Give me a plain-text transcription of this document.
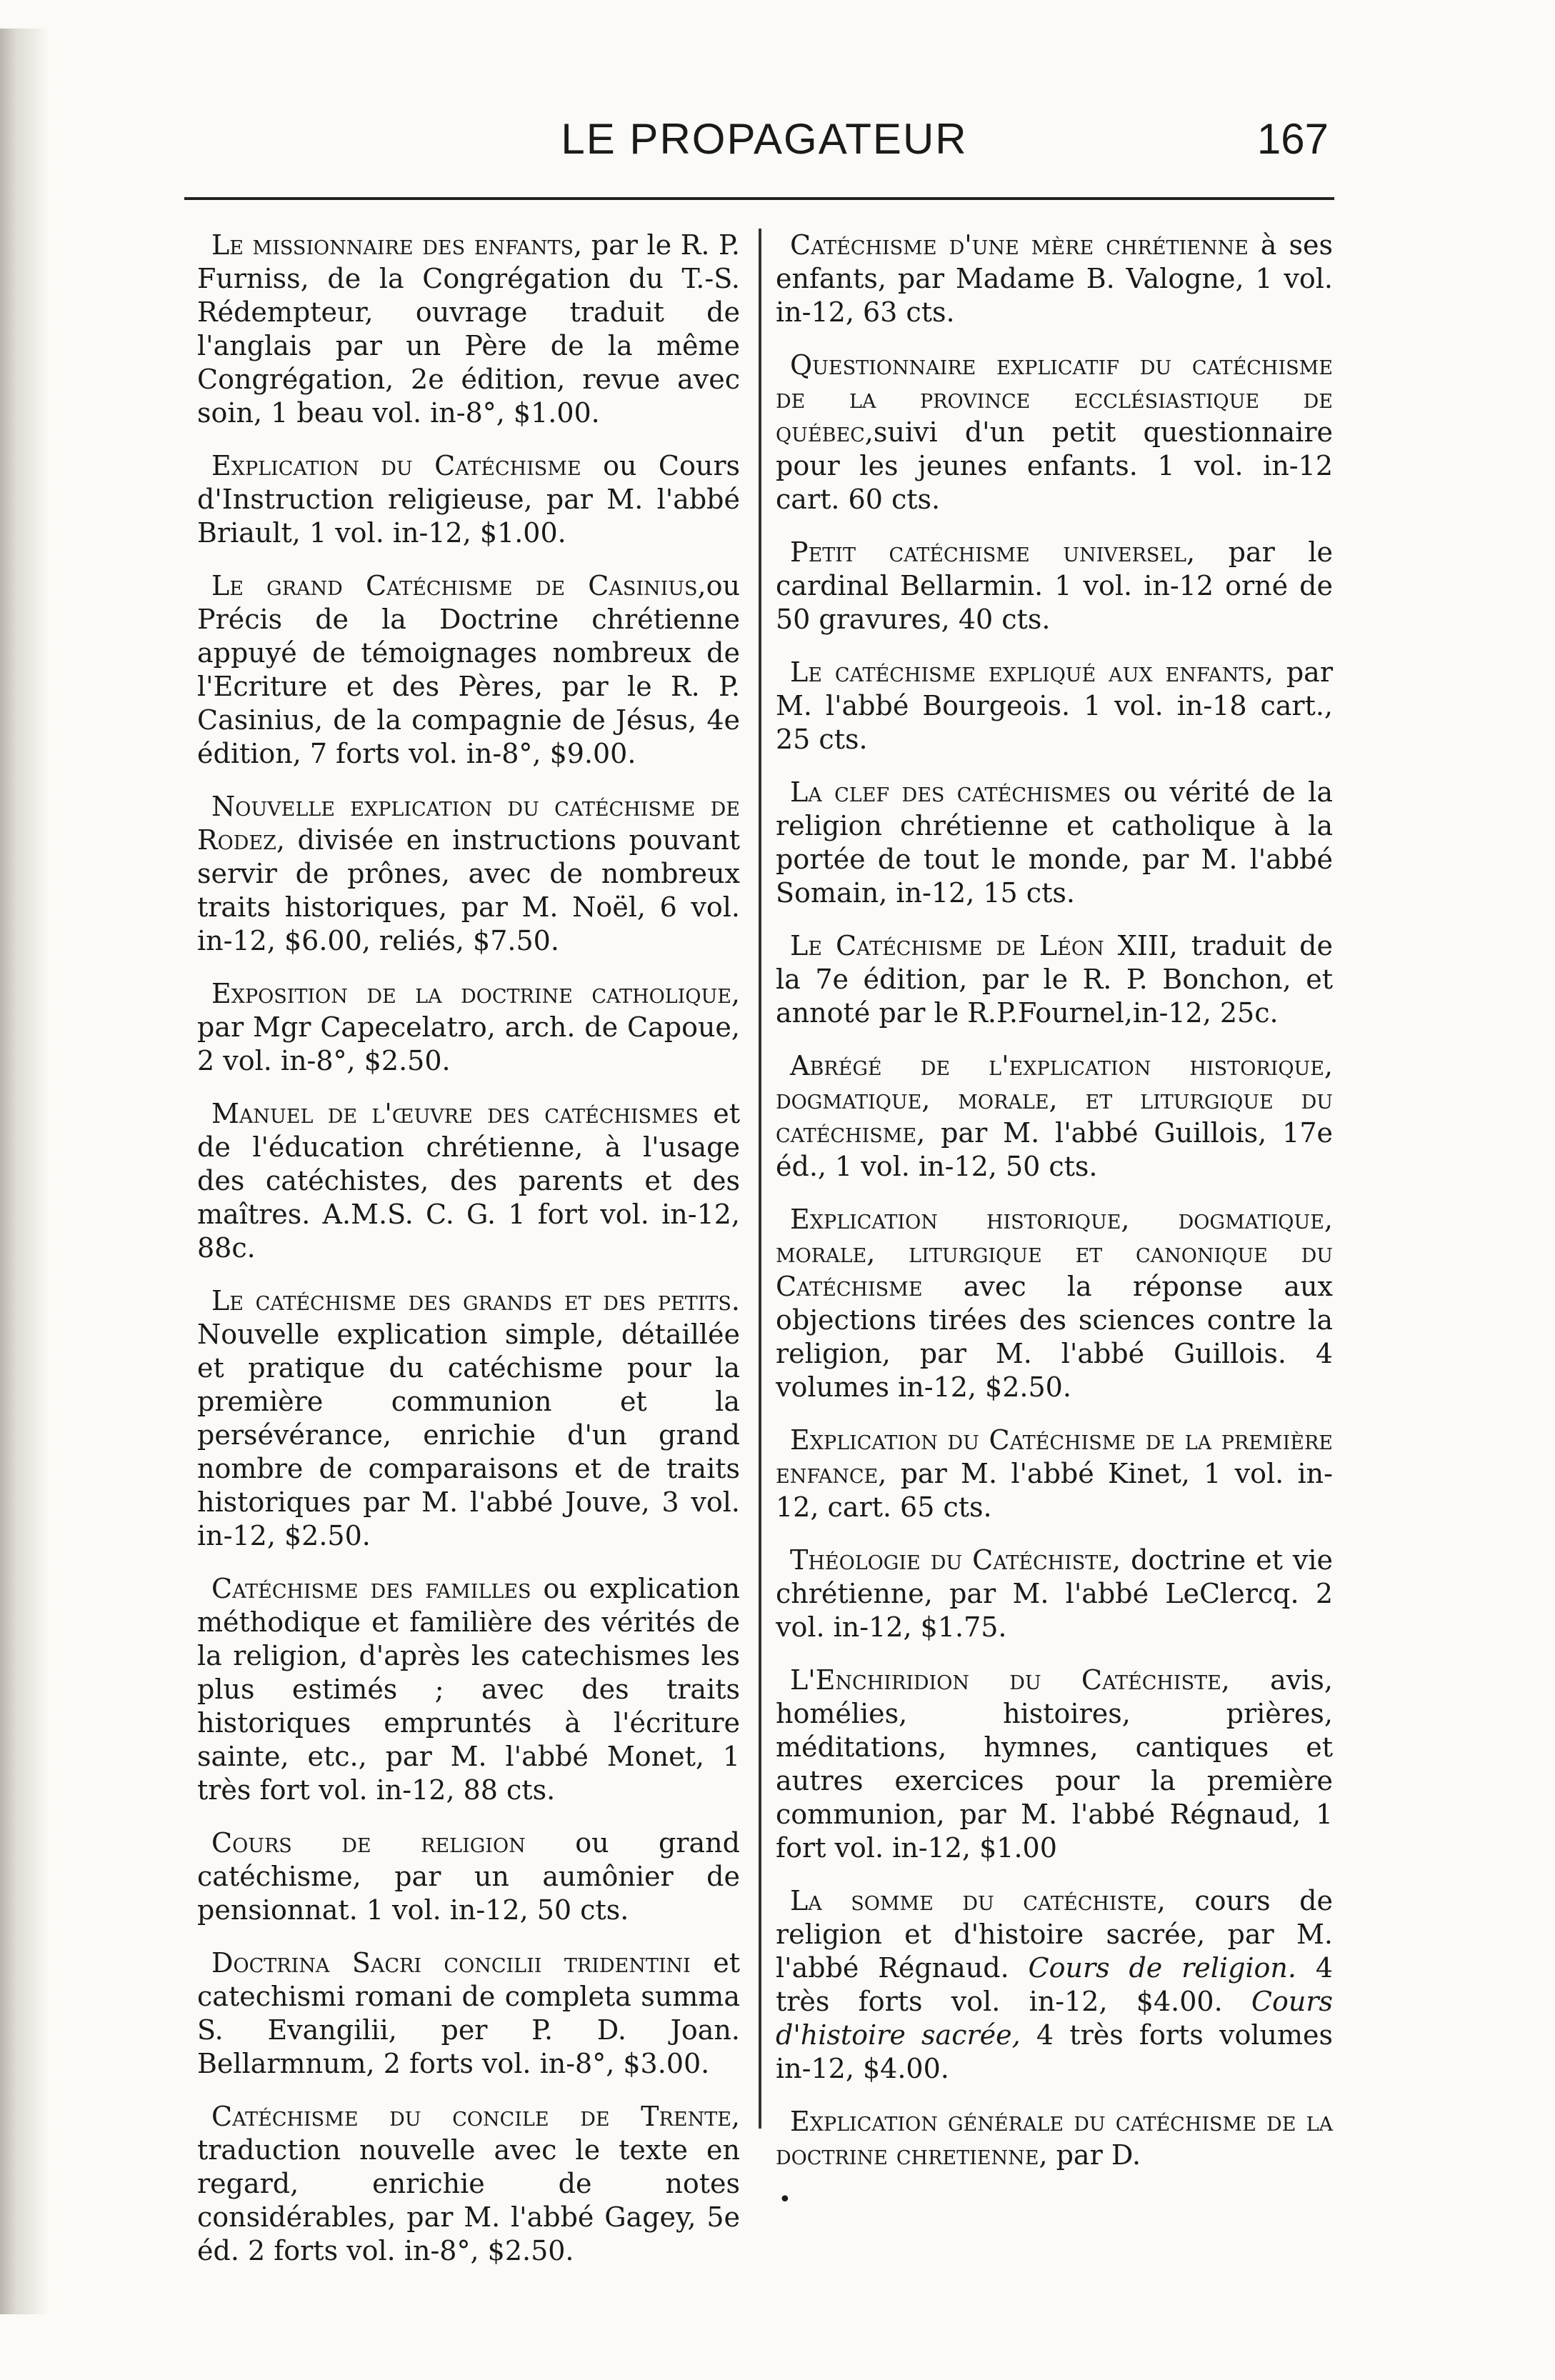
LE PROPAGATEUR	167

Le missionnaire des enfants, par le R. P. Furniss, de la Congrégation du T.-S. Rédempteur, ouvrage traduit de l'anglais par un Père de la même Congrégation, 2e édition, revue avec soin, 1 beau vol. in-8°, $1.00.

Explication du Catéchisme ou Cours d'Instruction religieuse, par M. l'abbé Briault, 1 vol. in-12, $1.00.

Le grand Catéchisme de Casinius,ou Précis de la Doctrine chrétienne appuyé de témoignages nombreux de l'Ecriture et des Pères, par le R. P. Casinius, de la compagnie de Jésus, 4e édition, 7 forts vol. in-8°, $9.00.

Nouvelle explication du catéchisme de Rodez, divisée en instructions pouvant servir de prônes, avec de nombreux traits historiques, par M. Noël, 6 vol. in-12, $6.00, reliés, $7.50.

Exposition de la doctrine catholique, par Mgr Capecelatro, arch. de Capoue, 2 vol. in-8°, $2.50.

Manuel de l'œuvre des catéchismes et de l'éducation chrétienne, à l'usage des catéchistes, des parents et des maîtres. A.M.S. C. G. 1 fort vol. in-12, 88c.

Le catéchisme des grands et des petits. Nouvelle explication simple, détaillée et pratique du catéchisme pour la première communion et la persévérance, enrichie d'un grand nombre de comparaisons et de traits historiques par M. l'abbé Jouve, 3 vol. in-12, $2.50.

Catéchisme des familles ou explication méthodique et familière des vérités de la religion, d'après les catechismes les plus estimés ; avec des traits historiques empruntés à l'écriture sainte, etc., par M. l'abbé Monet, 1 très fort vol. in-12, 88 cts.

Cours de religion ou grand catéchisme, par un aumônier de pensionnat. 1 vol. in-12, 50 cts.

Doctrina Sacri concilii tridentini et catechismi romani de completa summa S. Evangilii, per P. D. Joan. Bellarmnum, 2 forts vol. in-8°, $3.00.

Catéchisme du concile de Trente, traduction nouvelle avec le texte en regard, enrichie de notes considérables, par M. l'abbé Gagey, 5e éd. 2 forts vol. in-8°, $2.50.

Catéchisme d'une mère chrétienne à ses enfants, par Madame B. Valogne, 1 vol. in-12, 63 cts.

Questionnaire explicatif du catéchisme de la province ecclésiastique de québec,suivi d'un petit questionnaire pour les jeunes enfants. 1 vol. in-12 cart. 60 cts.

Petit catéchisme universel, par le cardinal Bellarmin. 1 vol. in-12 orné de 50 gravures, 40 cts.

Le catéchisme expliqué aux enfants, par M. l'abbé Bourgeois. 1 vol. in-18 cart., 25 cts.

La clef des catéchismes ou vérité de la religion chrétienne et catholique à la portée de tout le monde, par M. l'abbé Somain, in-12, 15 cts.

Le Catéchisme de Léon XIII, traduit de la 7e édition, par le R. P. Bonchon, et annoté par le R.P.Fournel,in-12, 25c.

Abrégé de l'explication historique, dogmatique, morale, et liturgique du catéchisme, par M. l'abbé Guillois, 17e éd., 1 vol. in-12, 50 cts.

Explication historique, dogmatique, morale, liturgique et canonique du Catéchisme avec la réponse aux objections tirées des sciences contre la religion, par M. l'abbé Guillois. 4 volumes in-12, $2.50.

Explication du Catéchisme de la première enfance, par M. l'abbé Kinet, 1 vol. in-12, cart. 65 cts.

Théologie du Catéchiste, doctrine et vie chrétienne, par M. l'abbé LeClercq. 2 vol. in-12, $1.75.

L'Enchiridion du Catéchiste, avis, homélies, histoires, prières, méditations, hymnes, cantiques et autres exercices pour la première communion, par M. l'abbé Régnaud, 1 fort vol. in-12, $1.00

La somme du catéchiste, cours de religion et d'histoire sacrée, par M. l'abbé Régnaud. Cours de religion. 4 très forts vol. in-12, $4.00. Cours d'histoire sacrée, 4 très forts volumes in-12, $4.00.

Explication générale du catéchisme de la doctrine chretienne, par D.

•
